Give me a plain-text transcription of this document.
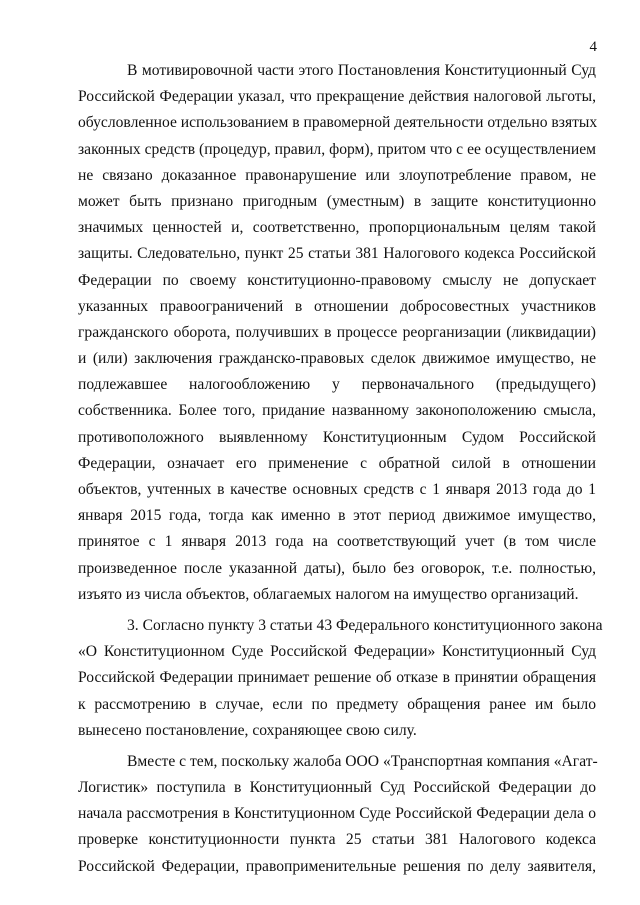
4
В мотивировочной части этого Постановления Конституционный Суд
Российской Федерации указал, что прекращение действия налоговой льготы,
обусловленное использованием в правомерной деятельности отдельно взятых
законных средств (процедур, правил, форм), притом что с ее осуществлением
не связано доказанное правонарушение или злоупотребление правом, не
может быть признано пригодным (уместным) в защите конституционно
значимых ценностей и, соответственно, пропорциональным целям такой
защиты. Следовательно, пункт 25 статьи 381 Налогового кодекса Российской
Федерации по своему конституционно-правовому смыслу не допускает
указанных правоограничений в отношении добросовестных участников
гражданского оборота, получивших в процессе реорганизации (ликвидации)
и (или) заключения гражданско-правовых сделок движимое имущество, не
подлежавшее налогообложению у первоначального (предыдущего)
собственника. Более того, придание названному законоположению смысла,
противоположного выявленному Конституционным Судом Российской
Федерации, означает его применение с обратной силой в отношении
объектов, учтенных в качестве основных средств с 1 января 2013 года до 1
января 2015 года, тогда как именно в этот период движимое имущество,
принятое с 1 января 2013 года на соответствующий учет (в том числе
произведенное после указанной даты), было без оговорок, т.е. полностью,
изъято из числа объектов, облагаемых налогом на имущество организаций.
3. Согласно пункту 3 статьи 43 Федерального конституционного закона
«О Конституционном Суде Российской Федерации» Конституционный Суд
Российской Федерации принимает решение об отказе в принятии обращения
к рассмотрению в случае, если по предмету обращения ранее им было
вынесено постановление, сохраняющее свою силу.
Вместе с тем, поскольку жалоба ООО «Транспортная компания «Агат-
Логистик» поступила в Конституционный Суд Российской Федерации до
начала рассмотрения в Конституционном Суде Российской Федерации дела о
проверке конституционности пункта 25 статьи 381 Налогового кодекса
Российской Федерации, правоприменительные решения по делу заявителя,
